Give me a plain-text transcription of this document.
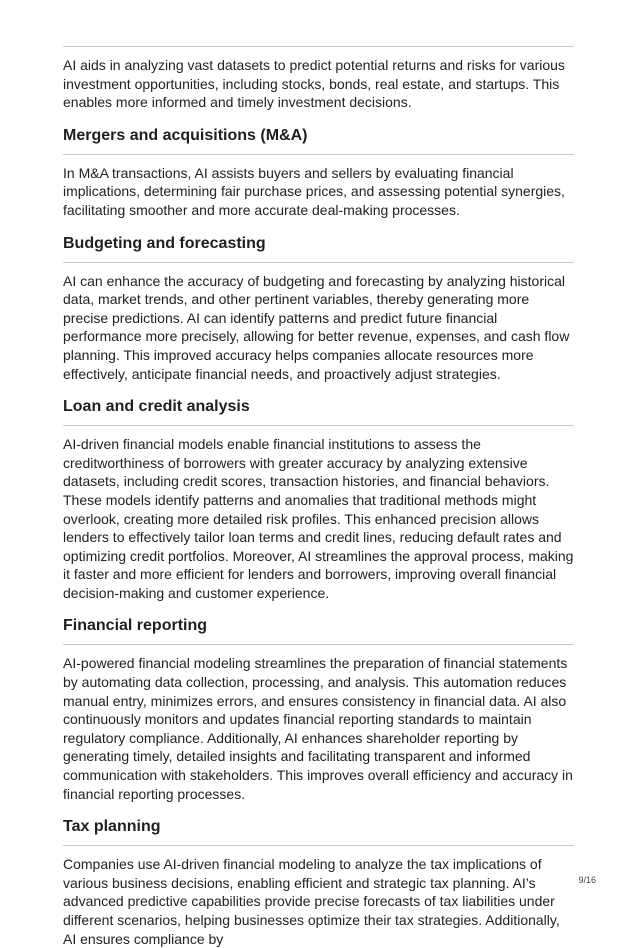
AI aids in analyzing vast datasets to predict potential returns and risks for various investment opportunities, including stocks, bonds, real estate, and startups. This enables more informed and timely investment decisions.

Mergers and acquisitions (M&A)

In M&A transactions, AI assists buyers and sellers by evaluating financial implications, determining fair purchase prices, and assessing potential synergies, facilitating smoother and more accurate deal-making processes.

Budgeting and forecasting

AI can enhance the accuracy of budgeting and forecasting by analyzing historical data, market trends, and other pertinent variables, thereby generating more precise predictions. AI can identify patterns and predict future financial performance more precisely, allowing for better revenue, expenses, and cash flow planning. This improved accuracy helps companies allocate resources more effectively, anticipate financial needs, and proactively adjust strategies.

Loan and credit analysis

AI-driven financial models enable financial institutions to assess the creditworthiness of borrowers with greater accuracy by analyzing extensive datasets, including credit scores, transaction histories, and financial behaviors. These models identify patterns and anomalies that traditional methods might overlook, creating more detailed risk profiles. This enhanced precision allows lenders to effectively tailor loan terms and credit lines, reducing default rates and optimizing credit portfolios. Moreover, AI streamlines the approval process, making it faster and more efficient for lenders and borrowers, improving overall financial decision-making and customer experience.

Financial reporting

AI-powered financial modeling streamlines the preparation of financial statements by automating data collection, processing, and analysis. This automation reduces manual entry, minimizes errors, and ensures consistency in financial data. AI also continuously monitors and updates financial reporting standards to maintain regulatory compliance. Additionally, AI enhances shareholder reporting by generating timely, detailed insights and facilitating transparent and informed communication with stakeholders. This improves overall efficiency and accuracy in financial reporting processes.

Tax planning

Companies use AI-driven financial modeling to analyze the tax implications of various business decisions, enabling efficient and strategic tax planning. AI’s advanced predictive capabilities provide precise forecasts of tax liabilities under different scenarios, helping businesses optimize their tax strategies. Additionally, AI ensures compliance by

9/16
